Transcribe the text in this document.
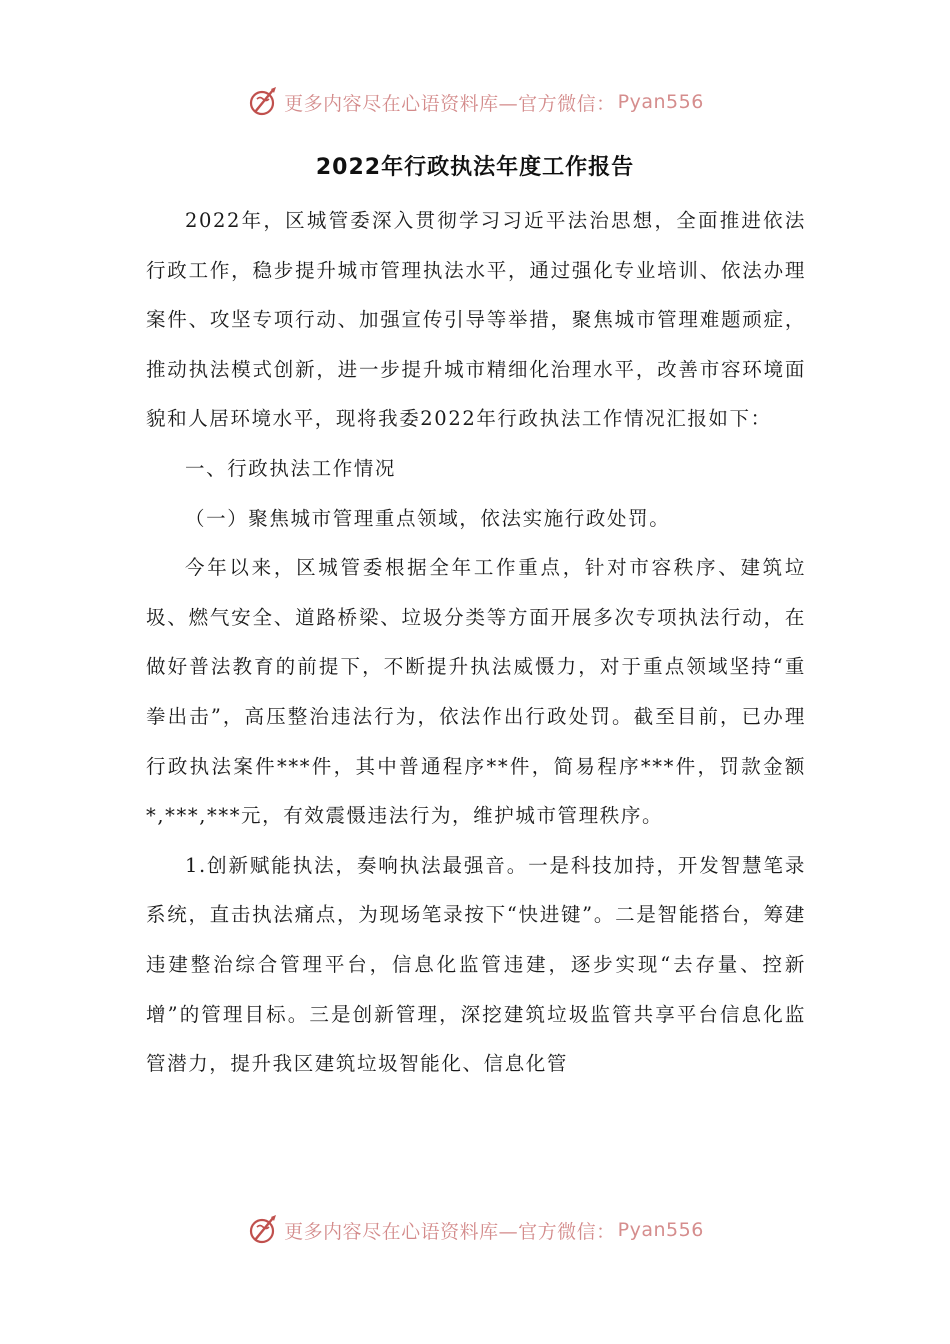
更多内容尽在心语资料库—官方微信： Pyan556
2022年行政执法年度工作报告

2022年，区城管委深入贯彻学习习近平法治思想，全面推进依法行政工作，稳步提升城市管理执法水平，通过强化专业培训、依法办理案件、攻坚专项行动、加强宣传引导等举措，聚焦城市管理难题顽症，推动执法模式创新，进一步提升城市精细化治理水平，改善市容环境面貌和人居环境水平，现将我委2022年行政执法工作情况汇报如下：

一、行政执法工作情况

（一）聚焦城市管理重点领域，依法实施行政处罚。

今年以来，区城管委根据全年工作重点，针对市容秩序、建筑垃圾、燃气安全、道路桥梁、垃圾分类等方面开展多次专项执法行动，在做好普法教育的前提下，不断提升执法威慑力，对于重点领域坚持“重拳出击”，高压整治违法行为，依法作出行政处罚。截至目前，已办理行政执法案件***件，其中普通程序**件，简易程序***件，罚款金额*,***,***元，有效震慑违法行为，维护城市管理秩序。

1.创新赋能执法，奏响执法最强音。一是科技加持，开发智慧笔录系统，直击执法痛点，为现场笔录按下“快进键”。二是智能搭台，筹建违建整治综合管理平台，信息化监管违建，逐步实现“去存量、控新增”的管理目标。三是创新管理，深挖建筑垃圾监管共享平台信息化监管潜力，提升我区建筑垃圾智能化、信息化管

更多内容尽在心语资料库—官方微信： Pyan556
